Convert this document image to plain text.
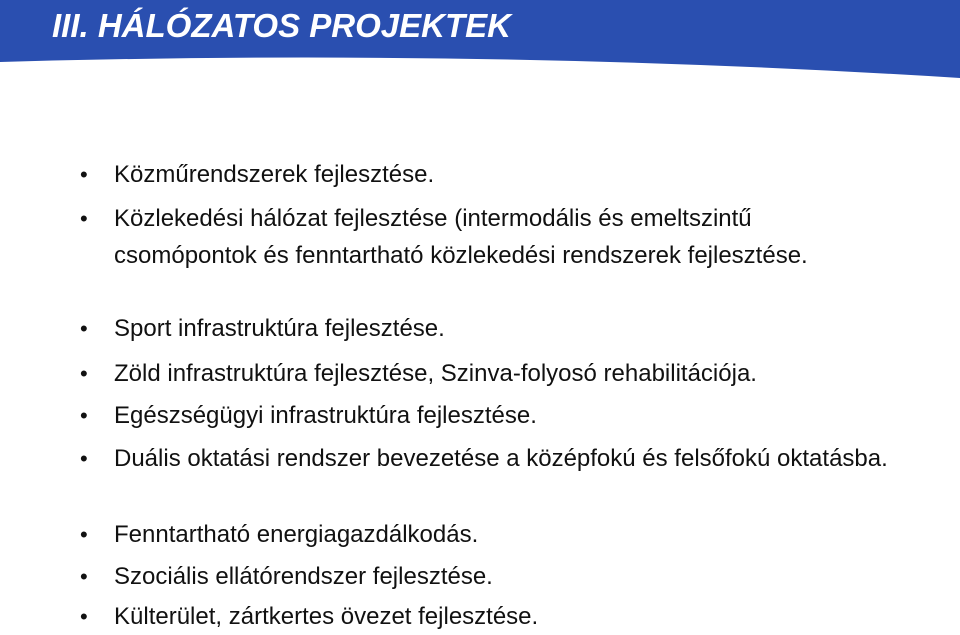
III. HÁLÓZATOS PROJEKTEK
• Közműrendszerek fejlesztése.
• Közlekedési hálózat fejlesztése (intermodális és emeltszintű csomópontok és fenntartható közlekedési rendszerek fejlesztése.
• Sport infrastruktúra fejlesztése.
• Zöld infrastruktúra fejlesztése, Szinva-folyosó rehabilitációja.
• Egészségügyi infrastruktúra fejlesztése.
• Duális oktatási rendszer bevezetése a középfokú és felsőfokú oktatásba.
• Fenntartható energiagazdálkodás.
• Szociális ellátórendszer fejlesztése.
• Külterület, zártkertes övezet fejlesztése.
